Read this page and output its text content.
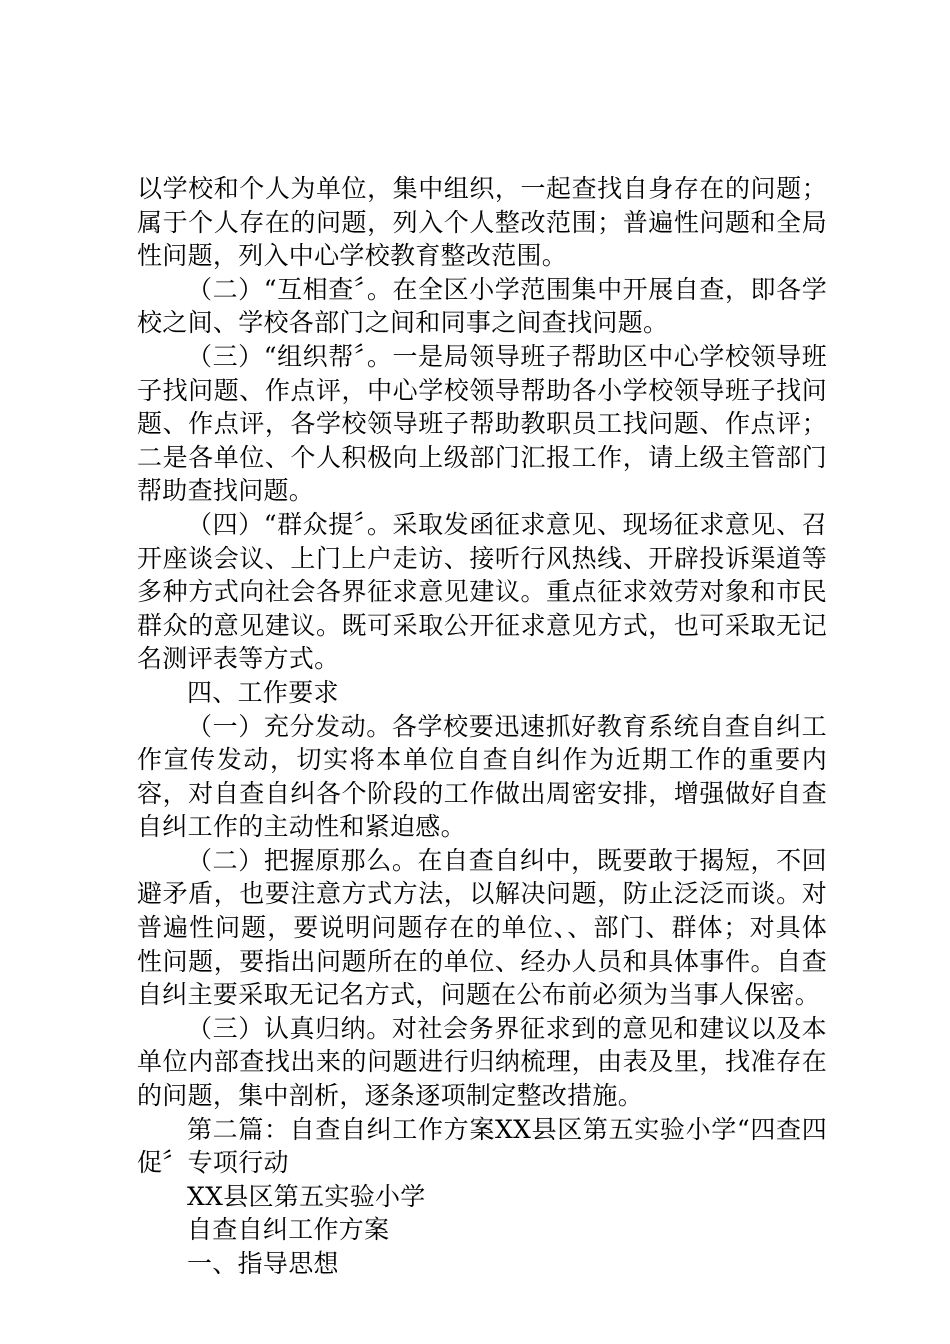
以学校和个人为单位，集中组织，一起查找自身存在的问题；属于个人存在的问题，列入个人整改范围；普遍性问题和全局性问题，列入中心学校教育整改范围。

（二）“互相查〞。在全区小学范围集中开展自查，即各学校之间、学校各部门之间和同事之间查找问题。

（三）“组织帮〞。一是局领导班子帮助区中心学校领导班子找问题、作点评，中心学校领导帮助各小学校领导班子找问题、作点评，各学校领导班子帮助教职员工找问题、作点评；二是各单位、个人积极向上级部门汇报工作，请上级主管部门帮助查找问题。

（四）“群众提〞。采取发函征求意见、现场征求意见、召开座谈会议、上门上户走访、接听行风热线、开辟投诉渠道等多种方式向社会各界征求意见建议。重点征求效劳对象和市民群众的意见建议。既可采取公开征求意见方式，也可采取无记名测评表等方式。

四、工作要求

（一）充分发动。各学校要迅速抓好教育系统自查自纠工作宣传发动，切实将本单位自查自纠作为近期工作的重要内容，对自查自纠各个阶段的工作做出周密安排，增强做好自查自纠工作的主动性和紧迫感。

（二）把握原那么。在自查自纠中，既要敢于揭短，不回避矛盾，也要注意方式方法，以解决问题，防止泛泛而谈。对普遍性问题，要说明问题存在的单位、、部门、群体；对具体性问题，要指出问题所在的单位、经办人员和具体事件。自查自纠主要采取无记名方式，问题在公布前必须为当事人保密。

（三）认真归纳。对社会务界征求到的意见和建议以及本单位内部查找出来的问题进行归纳梳理，由表及里，找准存在的问题，集中剖析，逐条逐项制定整改措施。

第二篇：自查自纠工作方案XX县区第五实验小学“四查四促〞专项行动

XX县区第五实验小学

自查自纠工作方案

一、指导思想
